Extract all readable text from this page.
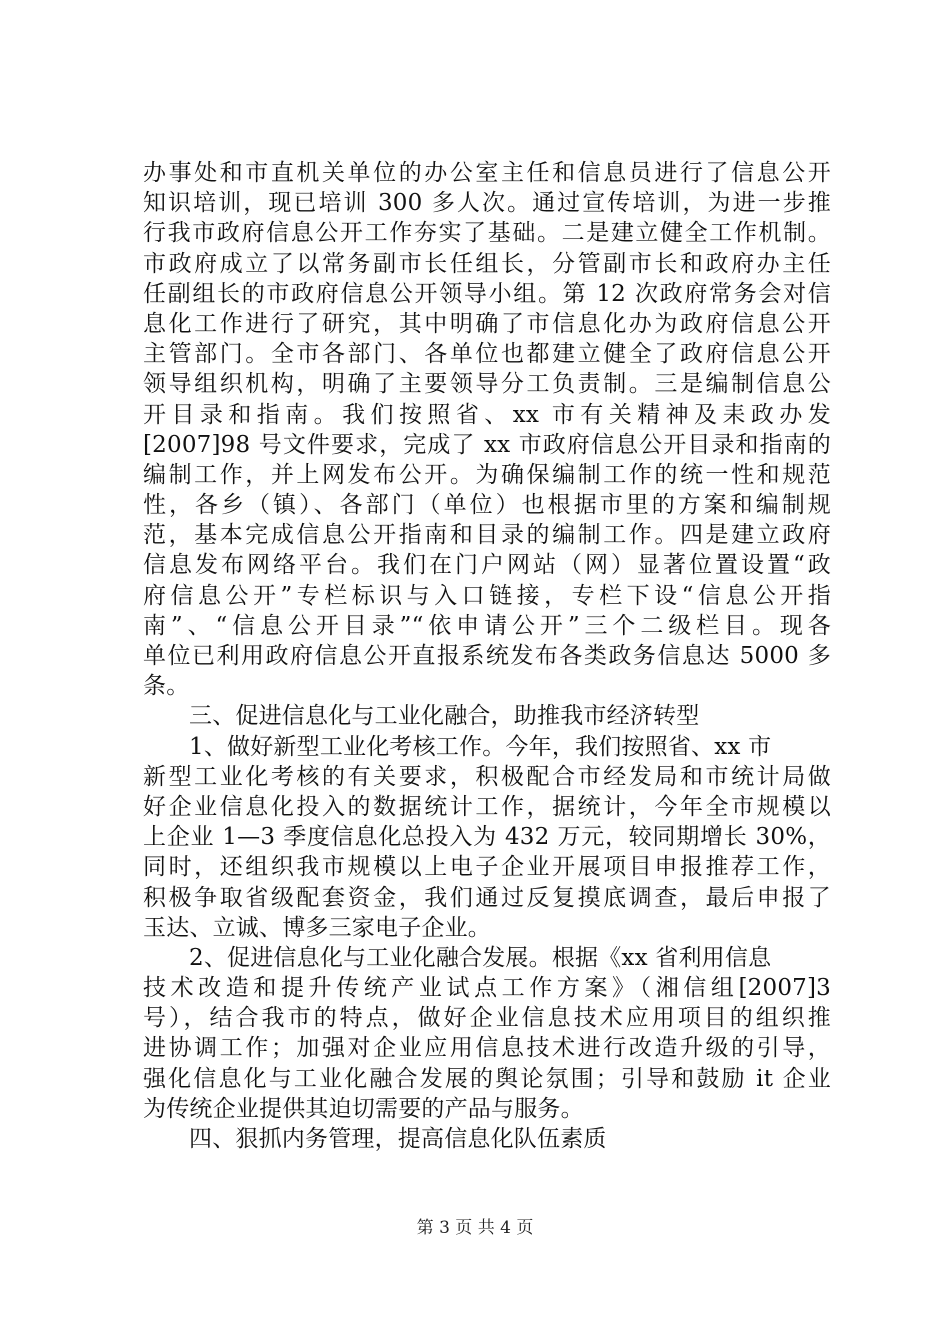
办事处和市直机关单位的办公室主任和信息员进行了信息公开
知识培训，现已培训 300 多人次。通过宣传培训，为进一步推
行我市政府信息公开工作夯实了基础。二是建立健全工作机制。
市政府成立了以常务副市长任组长，分管副市长和政府办主任
任副组长的市政府信息公开领导小组。第 12 次政府常务会对信
息化工作进行了研究，其中明确了市信息化办为政府信息公开
主管部门。全市各部门、各单位也都建立健全了政府信息公开
领导组织机构，明确了主要领导分工负责制。三是编制信息公
开目录和指南。我们按照省、xx 市有关精神及耒政办发
[2007]98 号文件要求，完成了 xx 市政府信息公开目录和指南的
编制工作，并上网发布公开。为确保编制工作的统一性和规范
性，各乡（镇）、各部门（单位）也根据市里的方案和编制规
范，基本完成信息公开指南和目录的编制工作。四是建立政府
信息发布网络平台。我们在门户网站（网）显著位置设置“政
府信息公开”专栏标识与入口链接，专栏下设“信息公开指
南”、“信息公开目录”“依申请公开”三个二级栏目。现各
单位已利用政府信息公开直报系统发布各类政务信息达 5000 多
条。
三、促进信息化与工业化融合，助推我市经济转型
1、做好新型工业化考核工作。今年，我们按照省、xx 市
新型工业化考核的有关要求，积极配合市经发局和市统计局做
好企业信息化投入的数据统计工作，据统计，今年全市规模以
上企业 1—3 季度信息化总投入为 432 万元，较同期增长 30%，
同时，还组织我市规模以上电子企业开展项目申报推荐工作，
积极争取省级配套资金，我们通过反复摸底调查，最后申报了
玉达、立诚、博多三家电子企业。
2、促进信息化与工业化融合发展。根据《xx 省利用信息
技术改造和提升传统产业试点工作方案》（湘信组[2007]3
号），结合我市的特点，做好企业信息技术应用项目的组织推
进协调工作；加强对企业应用信息技术进行改造升级的引导，
强化信息化与工业化融合发展的舆论氛围；引导和鼓励 it 企业
为传统企业提供其迫切需要的产品与服务。
四、狠抓内务管理，提高信息化队伍素质
第 3 页 共 4 页
